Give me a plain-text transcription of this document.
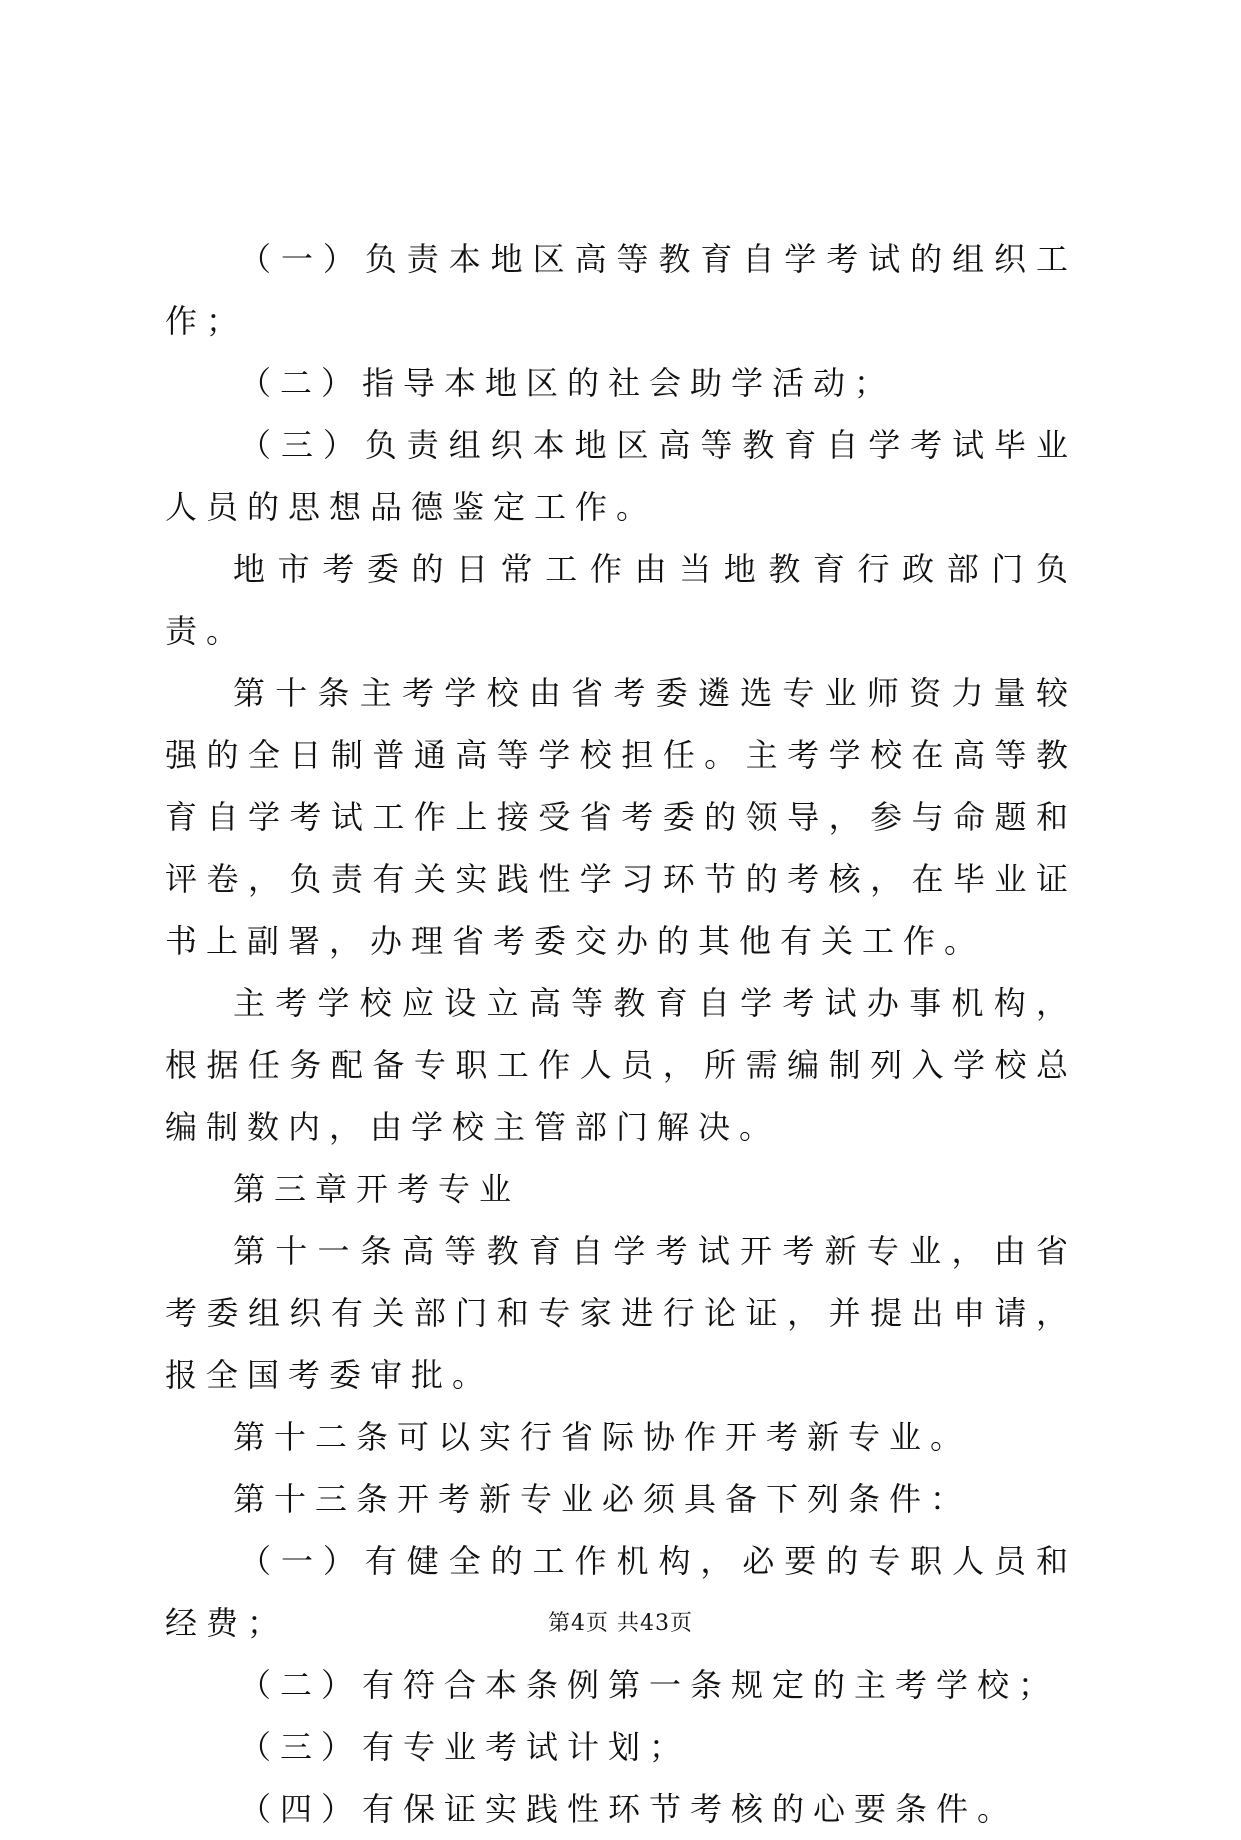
（一）负责本地区高等教育自学考试的组织工作；

（二）指导本地区的社会助学活动；

（三）负责组织本地区高等教育自学考试毕业人员的思想品德鉴定工作。

地市考委的日常工作由当地教育行政部门负责。

第十条主考学校由省考委遴选专业师资力量较强的全日制普通高等学校担任。主考学校在高等教育自学考试工作上接受省考委的领导，参与命题和评卷，负责有关实践性学习环节的考核，在毕业证书上副署，办理省考委交办的其他有关工作。

主考学校应设立高等教育自学考试办事机构，根据任务配备专职工作人员，所需编制列入学校总编制数内，由学校主管部门解决。

第三章开考专业

第十一条高等教育自学考试开考新专业，由省考委组织有关部门和专家进行论证，并提出申请，报全国考委审批。

第十二条可以实行省际协作开考新专业。

第十三条开考新专业必须具备下列条件：

（一）有健全的工作机构，必要的专职人员和经费；

（二）有符合本条例第一条规定的主考学校；

（三）有专业考试计划；

（四）有保证实践性环节考核的心要条件。

第4页 共43页
